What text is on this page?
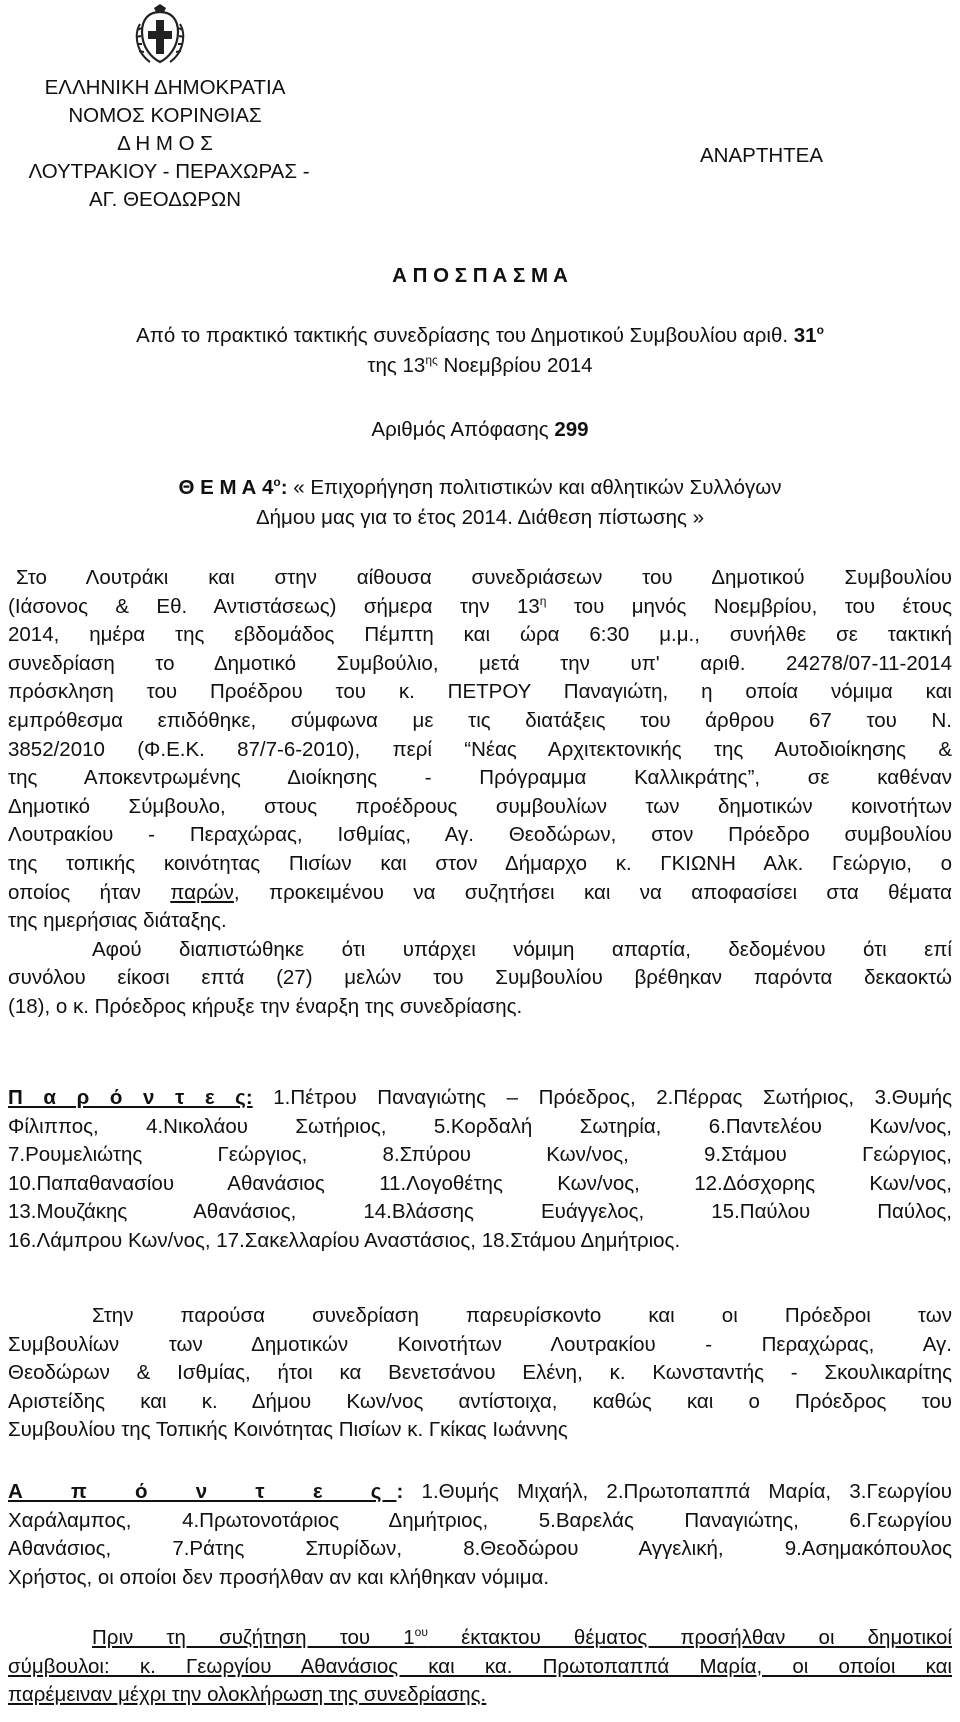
ΕΛΛΗΝΙΚΗ ΔΗΜΟΚΡΑΤΙΑ
ΝΟΜΟΣ ΚΟΡΙΝΘΙΑΣ
Δ Η Μ Ο Σ
ΛΟΥΤΡΑΚΙΟΥ - ΠΕΡΑΧΩΡΑΣ -
ΑΓ. ΘΕΟΔΩΡΩΝ
ΑΝΑΡΤΗΤΕΑ
Α Π Ο Σ Π Α Σ Μ Α
Από το πρακτικό τακτικής συνεδρίασης του Δημοτικού Συμβουλίου αριθ. $31^o$
της $13^{\eta\varsigma}$ Νοεμβρίου 2014
Αριθμός Απόφασης 299
Θ Ε Μ Α $4^o$: « Επιχορήγηση πολιτιστικών και αθλητικών Συλλόγων
Δήμου μας για το έτος 2014. Διάθεση πίστωσης »
Στο Λουτράκι και στην αίθουσα συνεδριάσεων του Δημοτικού Συμβουλίου
(Ιάσονος & Εθ. Αντιστάσεως) σήμερα την $13^\eta$ του μηνός Νοεμβρίου, του έτους
2014, ημέρα της εβδομάδος Πέμπτη και ώρα 6:30 μ.μ., συνήλθε σε τακτική
συνεδρίαση το Δημοτικό Συμβούλιο, μετά την υπ' αριθ. 24278/07-11-2014
πρόσκληση του Προέδρου του κ. ΠΕΤΡΟΥ Παναγιώτη, η οποία νόμιμα και
εμπρόθεσμα επιδόθηκε, σύμφωνα με τις διατάξεις του άρθρου 67 του Ν.
3852/2010 (Φ.Ε.Κ. 87/7-6-2010), περί “Νέας Αρχιτεκτονικής της Αυτοδιοίκησης &
της Αποκεντρωμένης Διοίκησης - Πρόγραμμα Καλλικράτης”, σε καθέναν
Δημοτικό Σύμβουλο, στους προέδρους συμβουλίων των δημοτικών κοινοτήτων
Λουτρακίου - Περαχώρας, Ισθμίας, Αγ. Θεοδώρων, στον Πρόεδρο συμβουλίου
της τοπικής κοινότητας Πισίων και στον Δήμαρχο κ. ΓΚΙΩΝΗ Αλκ. Γεώργιο, ο
οποίος ήταν παρών, προκειμένου να συζητήσει και να αποφασίσει στα θέματα
της ημερήσιας διάταξης.
Αφού διαπιστώθηκε ότι υπάρχει νόμιμη απαρτία, δεδομένου ότι επί
συνόλου είκοσι επτά (27) μελών του Συμβουλίου βρέθηκαν παρόντα δεκαοκτώ
(18), ο κ. Πρόεδρος κήρυξε την έναρξη της συνεδρίασης.
Π α ρ ό ν τ ε ς: 1.Πέτρου Παναγιώτης – Πρόεδρος, 2.Πέρρας Σωτήριος, 3.Θυμής
Φίλιππος, 4.Νικολάου Σωτήριος, 5.Κορδαλή Σωτηρία, 6.Παντελέου Κων/νος,
7.Ρουμελιώτης Γεώργιος, 8.Σπύρου Κων/νος, 9.Στάμου Γεώργιος,
10.Παπαθανασίου Αθανάσιος 11.Λογοθέτης Κων/νος, 12.Δόσχορης Κων/νος,
13.Μουζάκης Αθανάσιος, 14.Βλάσσης Ευάγγελος, 15.Παύλου Παύλος,
16.Λάμπρου Κων/νος, 17.Σακελλαρίου Αναστάσιος, 18.Στάμου Δημήτριος.
Στην παρούσα συνεδρίαση παρευρίσκονto και οι Πρόεδροι των
Συμβουλίων των Δημοτικών Κοινοτήτων Λουτρακίου - Περαχώρας, Αγ.
Θεοδώρων & Ισθμίας, ήτοι κα Βενετσάνου Ελένη, κ. Κωνσταντής - Σκουλικαρίτης
Αριστείδης και κ. Δήμου Κων/νος αντίστοιχα, καθώς και ο Πρόεδρος του
Συμβουλίου της Τοπικής Κοινότητας Πισίων κ. Γκίκας Ιωάννης
Α π ό ν τ ε ς: 1.Θυμής Μιχαήλ, 2.Πρωτοπαππά Μαρία, 3.Γεωργίου
Χαράλαμπος, 4.Πρωτονοτάριος Δημήτριος, 5.Βαρελάς Παναγιώτης, 6.Γεωργίου
Αθανάσιος, 7.Ράτης Σπυρίδων, 8.Θεοδώρου Αγγελική, 9.Ασημακόπουλος
Χρήστος, οι οποίοι δεν προσήλθαν αν και κλήθηκαν νόμιμα.
Πριν τη συζήτηση του $1^{o\upsilon}$ έκτακτου θέματος προσήλθαν οι δημοτικοί
σύμβουλοι: κ. Γεωργίου Αθανάσιος και κα. Πρωτοπαππά Μαρία, οι οποίοι και
παρέμειναν μέχρι την ολοκλήρωση της συνεδρίασης.
